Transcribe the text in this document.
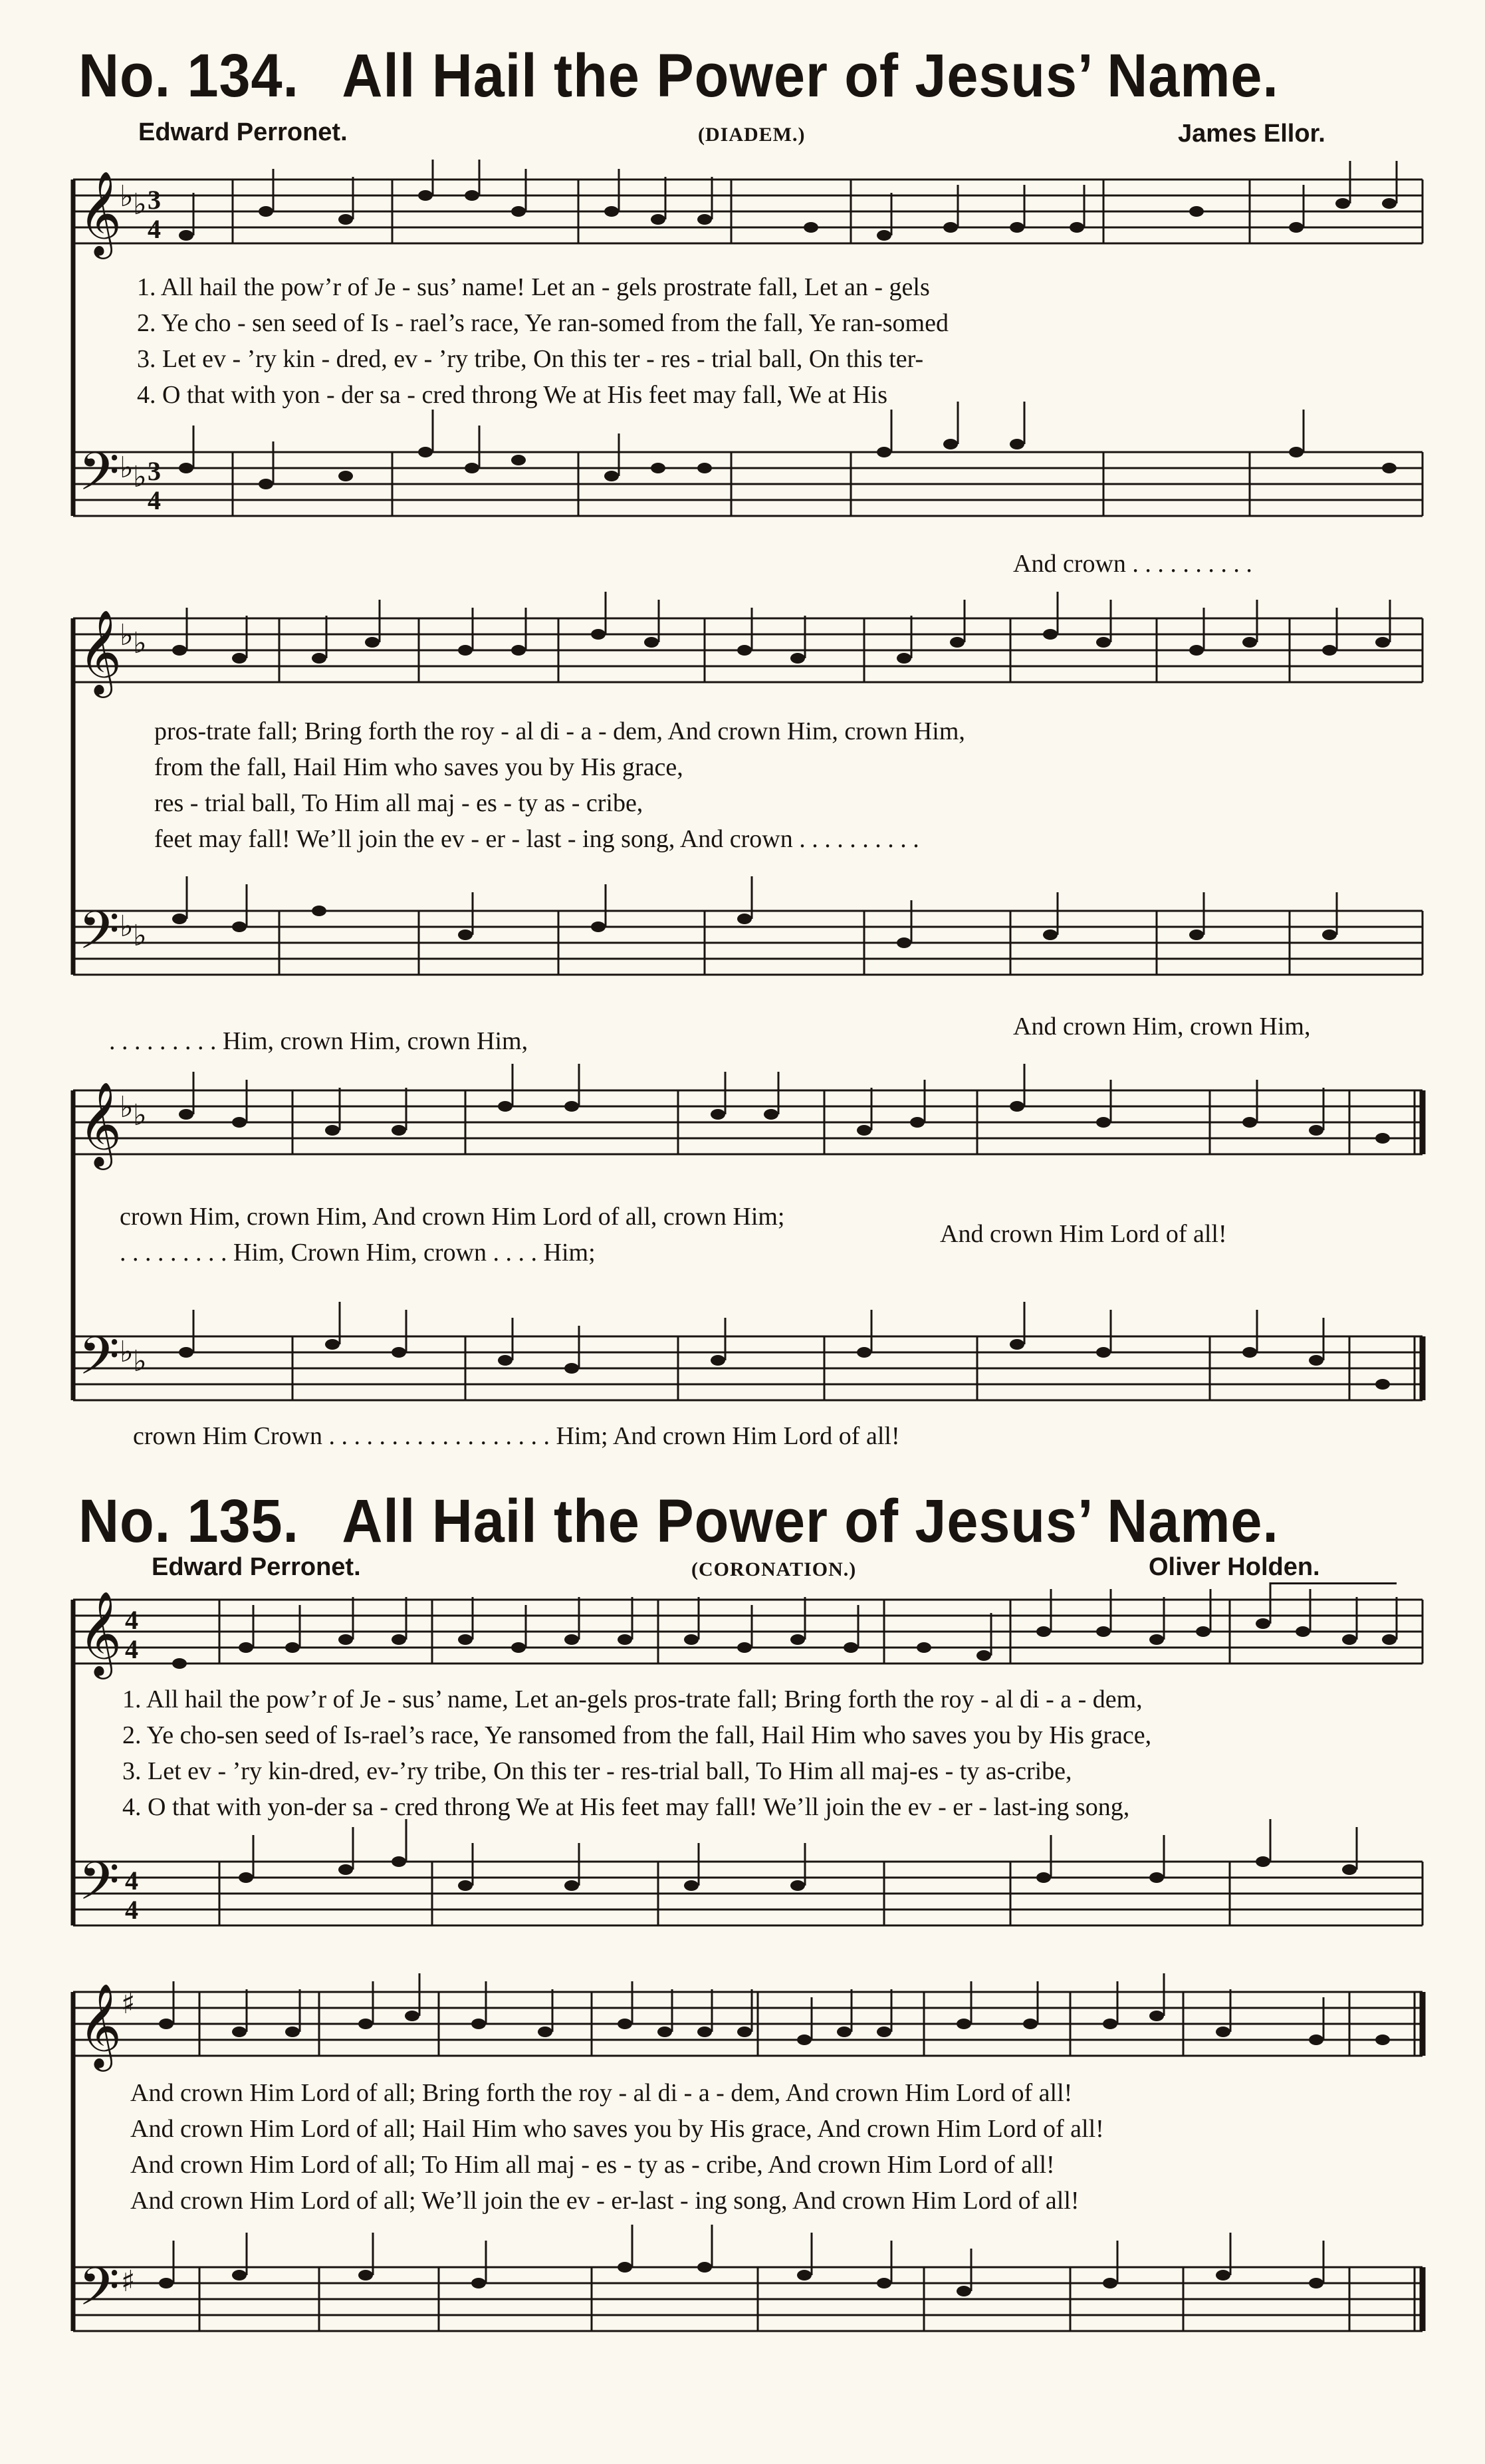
No. 134. All Hail the Power of Jesus’ Name.
Edward Perronet.	(DIADEM.)	James Ellor.
𝄞
♭ ♭ 3
4
𝄢 ♭ ♭ 3
4
1. All hail the pow’r of Je - sus’ name! Let an - gels prostrate fall, Let an - gels
2. Ye cho - sen seed of Is - rael’s race, Ye ran-somed from the fall, Ye ran-somed
3. Let ev - ’ry kin - dred, ev - ’ry tribe, On this ter - res - trial ball, On this ter-
4. O that with yon - der sa - cred throng We at His feet may fall, We at His
And crown . . . . . . . . . .
𝄞
♭ ♭
𝄢 ♭ ♭
pros-trate fall; Bring forth the roy - al di - a - dem, And crown Him, crown Him,
from the fall, Hail Him who saves you by His grace,
res - trial ball, To Him all maj - es - ty as - cribe,
feet may fall! We’ll join the ev - er - last - ing song, And crown . . . . . . . . . .
. . . . . . . . . Him, crown Him, crown Him,
And crown Him, crown Him,
𝄞
♭ ♭
𝄢 ♭ ♭
crown Him, crown Him, And crown Him Lord of all, crown Him;
. . . . . . . . . Him, Crown Him, crown . . . . Him;
And crown Him Lord of all!
crown Him Crown . . . . . . . . . . . . . . . . . . Him; And crown Him Lord of all!
No. 135. All Hail the Power of Jesus’ Name.
Edward Perronet.	(CORONATION.)	Oliver Holden.
𝄞 4
4
𝄢 4
4
1. All hail the pow’r of Je - sus’ name, Let an-gels pros-trate fall; Bring forth the roy - al di - a - dem,
2. Ye cho-sen seed of Is-rael’s race, Ye ransomed from the fall, Hail Him who saves you by His grace,
3. Let ev - ’ry kin-dred, ev-’ry tribe, On this ter - res-trial ball, To Him all maj-es - ty as-cribe,
4. O that with yon-der sa - cred throng We at His feet may fall! We’ll join the ev - er - last-ing song,
𝄞
♯
𝄢 ♯
And crown Him Lord of all; Bring forth the roy - al di - a - dem, And crown Him Lord of all!
And crown Him Lord of all; Hail Him who saves you by His grace, And crown Him Lord of all!
And crown Him Lord of all; To Him all maj - es - ty as - cribe, And crown Him Lord of all!
And crown Him Lord of all; We’ll join the ev - er-last - ing song, And crown Him Lord of all!
